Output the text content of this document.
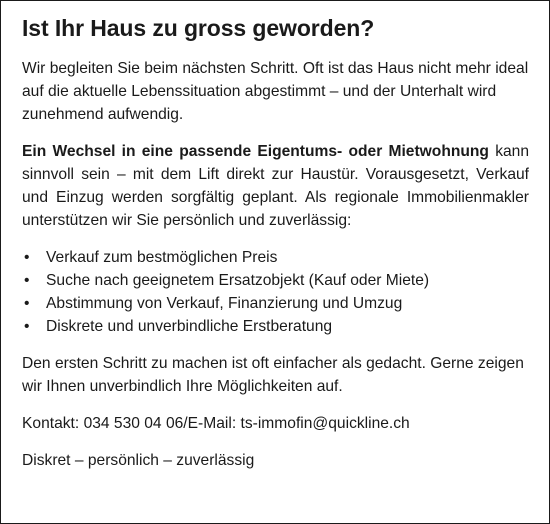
Ist Ihr Haus zu gross geworden?

Wir begleiten Sie beim nächsten Schritt. Oft ist das Haus nicht mehr ideal auf die aktuelle Lebenssituation abgestimmt – und der Unterhalt wird zunehmend aufwendig.

Ein Wechsel in eine passende Eigentums- oder Mietwohnung kann sinnvoll sein – mit dem Lift direkt zur Haustür. Vorausgesetzt, Verkauf und Einzug werden sorgfältig geplant. Als regionale Immobilienmakler unterstützen wir Sie persönlich und zuverlässig:

• Verkauf zum bestmöglichen Preis
• Suche nach geeignetem Ersatzobjekt (Kauf oder Miete)
• Abstimmung von Verkauf, Finanzierung und Umzug
• Diskrete und unverbindliche Erstberatung

Den ersten Schritt zu machen ist oft einfacher als gedacht. Gerne zeigen wir Ihnen unverbindlich Ihre Möglichkeiten auf.

Kontakt: 034 530 04 06/E-Mail: ts-immofin@quickline.ch

Diskret – persönlich – zuverlässig
